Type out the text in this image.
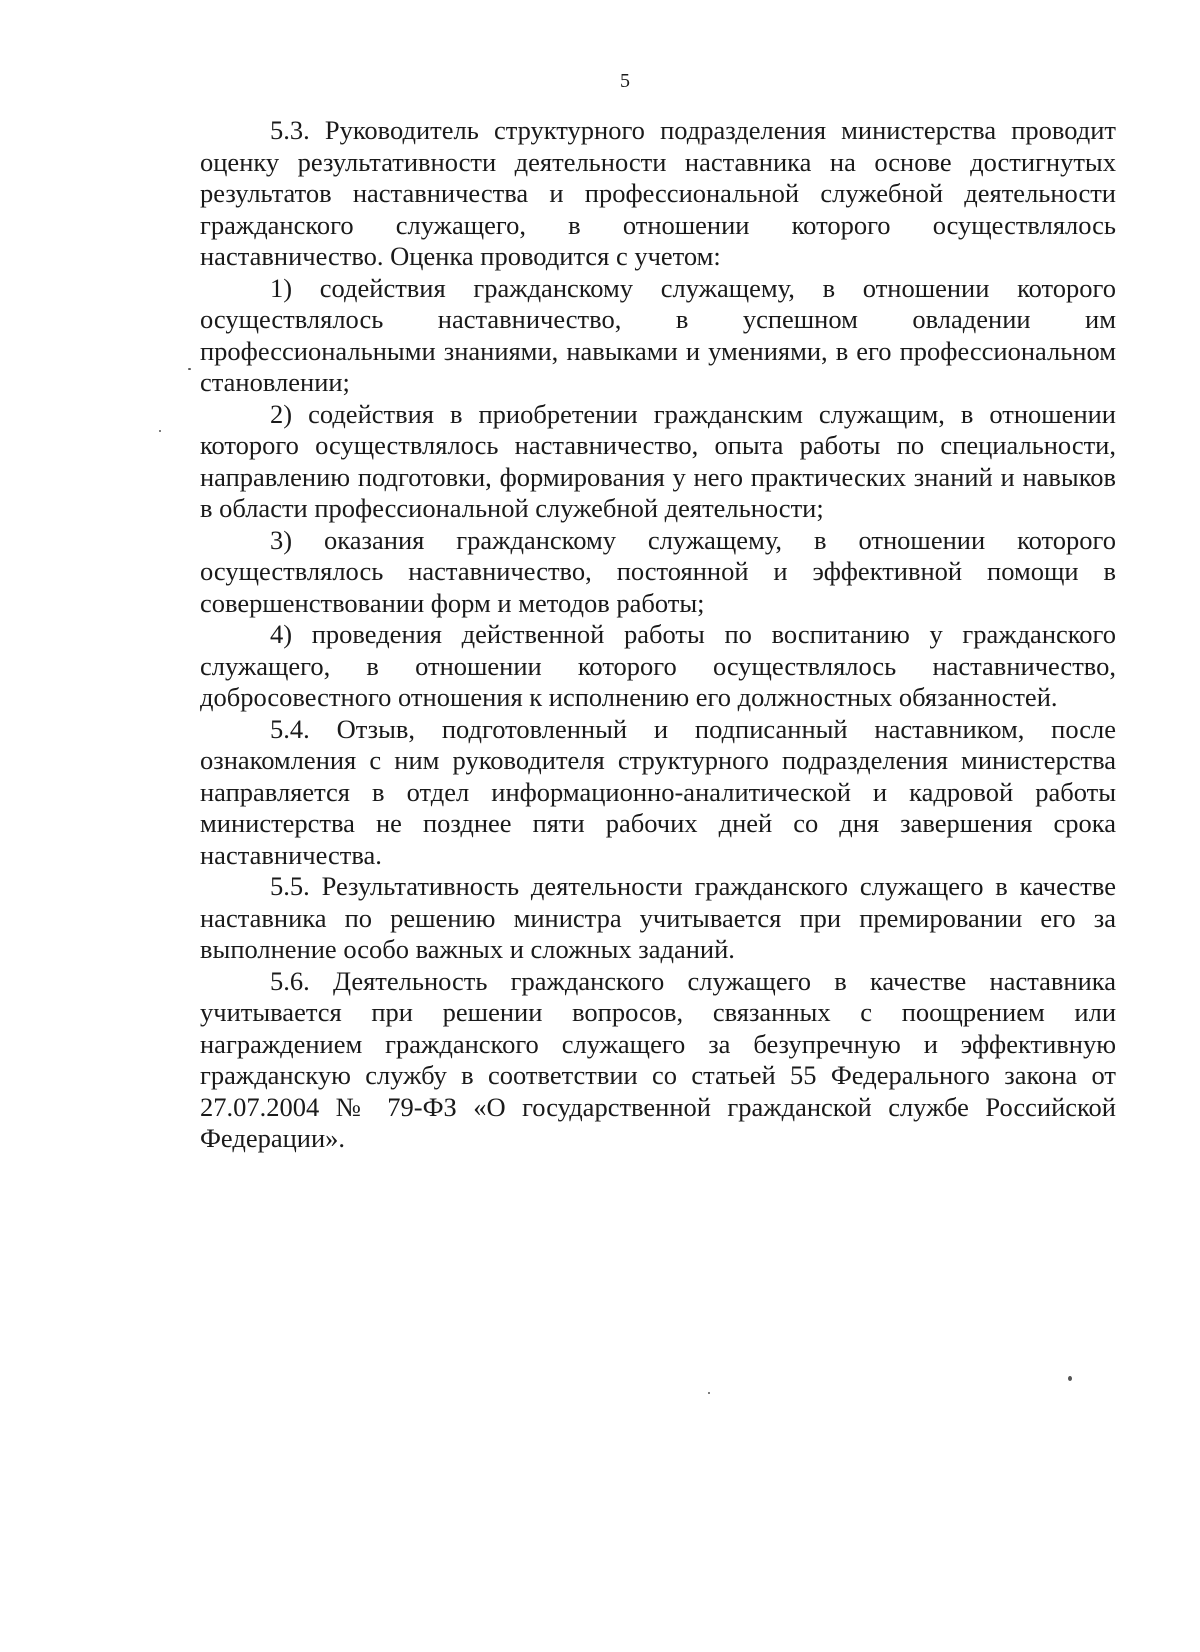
5

5.3. Руководитель структурного подразделения министерства проводит оценку результативности деятельности наставника на основе достигнутых результатов наставничества и профессиональной служебной деятельности гражданского служащего, в отношении которого осуществлялось наставничество. Оценка проводится с учетом:

1) содействия гражданскому служащему, в отношении которого осуществлялось наставничество, в успешном овладении им профессиональными знаниями, навыками и умениями, в его профессиональном становлении;

2) содействия в приобретении гражданским служащим, в отношении которого осуществлялось наставничество, опыта работы по специальности, направлению подготовки, формирования у него практических знаний и навыков в области профессиональной служебной деятельности;

3) оказания гражданскому служащему, в отношении которого осуществлялось наставничество, постоянной и эффективной помощи в совершенствовании форм и методов работы;

4) проведения действенной работы по воспитанию у гражданского служащего, в отношении которого осуществлялось наставничество, добросовестного отношения к исполнению его должностных обязанностей.

5.4. Отзыв, подготовленный и подписанный наставником, после ознакомления с ним руководителя структурного подразделения министерства направляется в отдел информационно-аналитической и кадровой работы министерства не позднее пяти рабочих дней со дня завершения срока наставничества.

5.5. Результативность деятельности гражданского служащего в качестве наставника по решению министра учитывается при премировании его за выполнение особо важных и сложных заданий.

5.6. Деятельность гражданского служащего в качестве наставника учитывается при решении вопросов, связанных с поощрением или награждением гражданского служащего за безупречную и эффективную гражданскую службу в соответствии со статьей 55 Федерального закона от 27.07.2004 № 79-ФЗ «О государственной гражданской службе Российской Федерации».
